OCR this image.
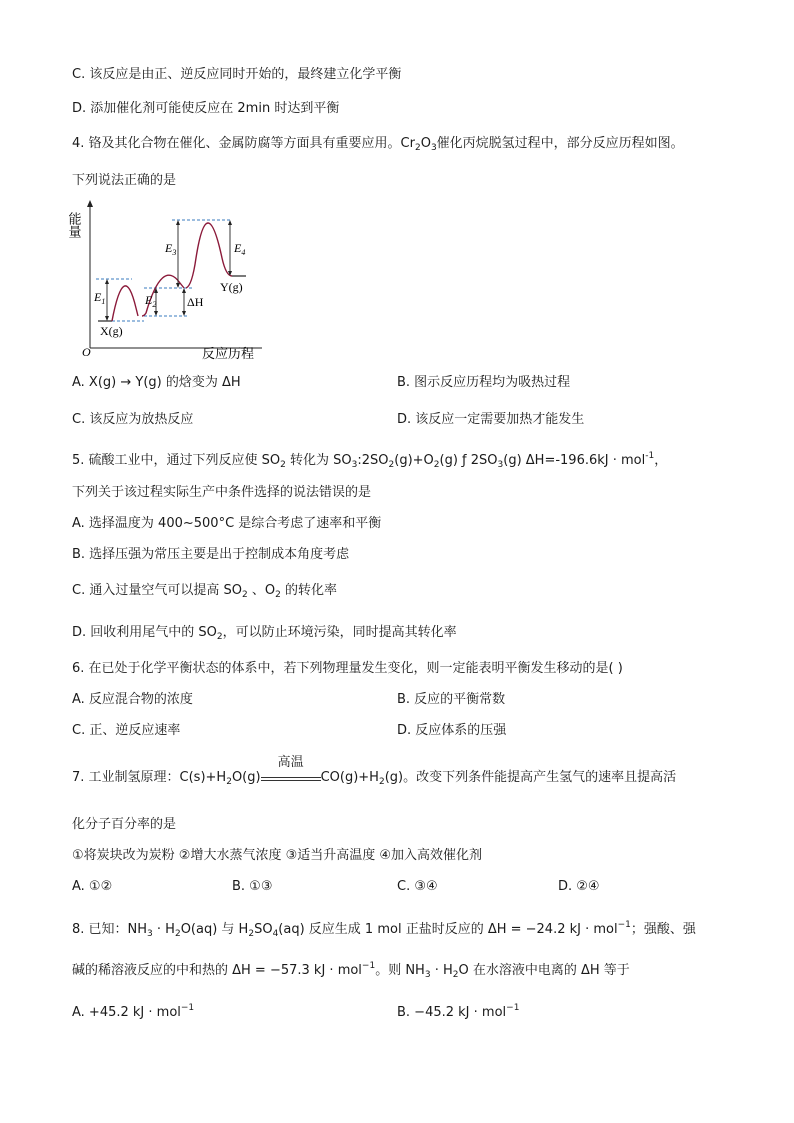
C. 该反应是由正、逆反应同时开始的，最终建立化学平衡
D. 添加催化剂可能使反应在 2min 时达到平衡
4. 铬及其化合物在催化、金属防腐等方面具有重要应用。$Cr_2O_3$催化丙烷脱氢过程中，部分反应历程如图。
下列说法正确的是
能量
O	反应历程
$E_1$	$E_2$
$E_3$	$E_4$
ΔH
X(g)
Y(g)
A. X(g) → Y(g) 的焓变为 ΔH	B. 图示反应历程均为吸热过程
C. 该反应为放热反应	D. 该反应一定需要加热才能发生
5. 硫酸工业中，通过下列反应使 $SO_2$ 转化为 $SO_3:2SO_2(g)+O_2(g)$ ƒ $2SO_3(g) \Delta H=-196.6kJ \cdot mol^{-1}$，
下列关于该过程实际生产中条件选择的说法错误的是
A. 选择温度为 400~500°C 是综合考虑了速率和平衡
B. 选择压强为常压主要是出于控制成本角度考虑
C. 通入过量空气可以提高 $SO_2$ 、$O_2$ 的转化率
D. 回收利用尾气中的 $SO_2$，可以防止环境污染，同时提高其转化率
6. 在已处于化学平衡状态的体系中，若下列物理量发生变化，则一定能表明平衡发生移动的是( )
A. 反应混合物的浓度	B. 反应的平衡常数
C. 正、逆反应速率	D. 反应体系的压强
7. 工业制氢原理：$C(s)+H_2O(g)$
高温
$CO(g)+H_2(g)$。改变下列条件能提高产生氢气的速率且提高活
化分子百分率的是
①将炭块改为炭粉 ②增大水蒸气浓度 ③适当升高温度 ④加入高效催化剂
A. ①②	B. ①③	C. ③④	D. ②④
8. 已知：$NH_3 \cdot H_2O(aq)$ 与 $H_2SO_4(aq)$ 反应生成 1 mol 正盐时反应的 ΔH = −24.2 kJ · mol$^{-1}$；强酸、强
碱的稀溶液反应的中和热的 ΔH = −57.3 kJ · mol$^{-1}$。则 $NH_3 \cdot H_2O$ 在水溶液中电离的 ΔH 等于
A. +45.2 kJ · mol$^{-1}$	B. −45.2 kJ · mol$^{-1}$
